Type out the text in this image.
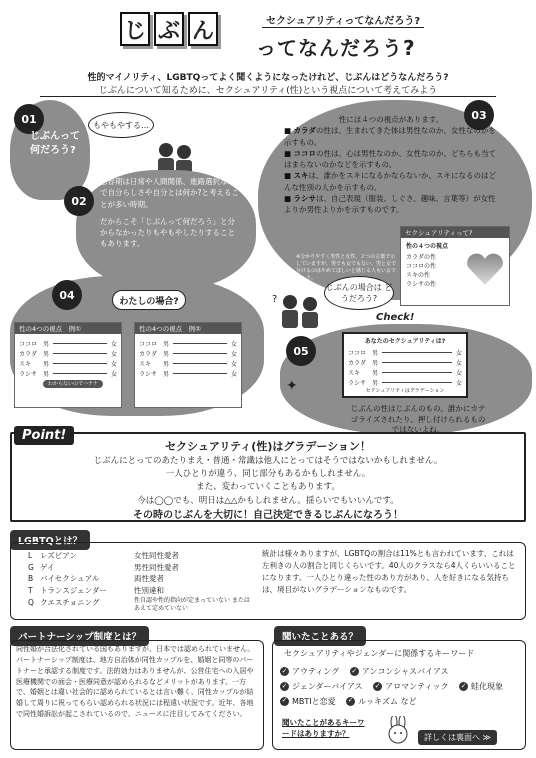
じ ぶ ん	セクシュアリティってなんだろう?
ってなんだろう?
性的マイノリティ、LGBTQってよく聞くようになったけれど、じぶんはどうなんだろう?
じぶんについて知るために、セクシュアリティ(性)という視点について考えてみよう
01
じぶんって何だろう?
もやもやする…
02
思春期は日常や人間関係、進路選択などで自分らしさや自分とは何か?と考えることが多い時期。
だからこそ「じぶんって何だろう」と分からなかったりもやもやしたりすることもあります。
03
性には４つの視点があります。
■ カラダの性は、生まれてきた体は男性なのか、女性なのかを示すもの。
■ ココロの性は、心は男性なのか、女性なのか、どちらも当てはまらないのかなどを示すもの。
■ スキは、誰かをスキになるかならないか、スキになるのはどんな性別の人かを示すもの。
■ ラシサは、自己表現（服装、しぐさ、趣味、言葉等）が女性よりか男性よりかを示すものです。
※分かりやすく男性と女性、２つの言葉で示していますが、男でも女でもない、男と女で分けるのはやめてほしいと感じる人もいるでしょう。
セクシュアリティって?
性の４つの視点
カラダの性
ココロの性
スキの性
ラシサの性
04	わたしの場合?
性の4つの視点　例①
ココロ 男	女
カラダ	男	女
スキ	男	女
ラシサ 男	女
わからないのでハテナ
性の4つの視点　例②
ココロ 男	女
カラダ	男	女
スキ	男	女
ラシサ 男	女
じぶんの場合は どうだろう?
?
05
Check!
あなたのセクシュアリティは?
ココロ 男	女
カラダ	男	女
スキ	男	女
ラシサ 男	女
セクシュアリティはグラデーション
じぶんの性はじぶんのもの。誰かにカテゴライズされたり、押し付けられるものではないよね。
✦
Point!
セクシュアリティ(性)はグラデーション！
じぶんにとってのあたりまえ・普通・常識は他人にとってはそうではないかもしれません。
一人ひとりが違う、同じ部分もあるかもしれません。
また、変わっていくこともあります。
今は◯◯でも、明日は△△かもしれません。揺らいでもいいんです。
その時のじぶんを大切に！自己決定できるじぶんになろう！
LGBTQとは？
L	レズビアン	女性同性愛者
G ゲイ	男性同性愛者
B バイセクシュアル	両性愛者
T トランスジェンダー	性別違和
Q クエスチョニング	性自認や性的指向が定まっていない または あえて定めていない
統計は様々ありますが、LGBTQの割合は11%とも言われています、これは左利きの人の割合と同じくらいです。40人のクラスなら4人くらいいることになります。一人ひとり違った性のあり方があり、人を好きになる気持ちは、境目がないグラデーションなものです。
パートナーシップ制度とは？
同性婚が合法化されている国もありますが、日本では認められていません。パートナーシップ制度は、地方自治体が同性カップルを、婚姻と同等のパートナーと承認する制度です。法的効力はありませんが、公営住宅への入居や医療機関での面会・医療同意が認められるなどメリットがあります。一方で、婚姻とは違い社会的に認められているとは言い難く、同性カップルが結婚して周りに祝ってもらい認められる状況には程遠い状況です。近年、各地で同性婚訴訟が起こされているので、ニュースに注目してみてください。
聞いたことある？
セクシュアリティやジェンダーに関係するキーワード
✓ アウティング
✓ アンコンシャスバイアス

✓ ジェンダーバイアス
✓ アロマンティック
✓ 蛙化現象

✓ MBTIと恋愛
✓ ルッキズム など
聞いたことがあるキーワードはありますか？	詳しくは裏面へ ≫
